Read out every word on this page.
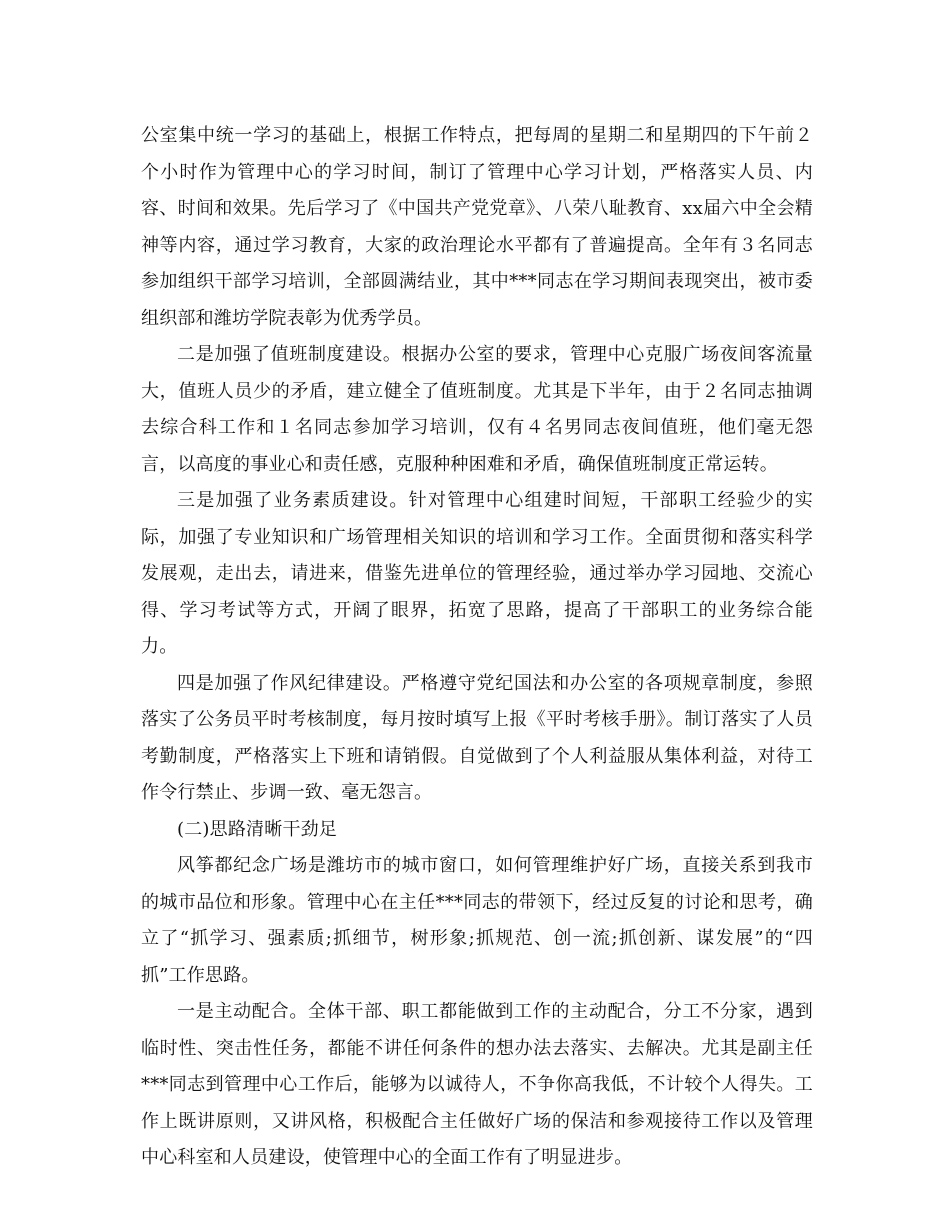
公室集中统一学习的基础上，根据工作特点，把每周的星期二和星期四的下午前２个小时作为管理中心的学习时间，制订了管理中心学习计划，严格落实人员、内容、时间和效果。先后学习了《中国共产党党章》、八荣八耻教育、xx届六中全会精神等内容，通过学习教育，大家的政治理论水平都有了普遍提高。全年有３名同志参加组织干部学习培训，全部圆满结业，其中***同志在学习期间表现突出，被市委组织部和潍坊学院表彰为优秀学员。

二是加强了值班制度建设。根据办公室的要求，管理中心克服广场夜间客流量大，值班人员少的矛盾，建立健全了值班制度。尤其是下半年，由于２名同志抽调去综合科工作和１名同志参加学习培训，仅有４名男同志夜间值班，他们毫无怨言，以高度的事业心和责任感，克服种种困难和矛盾，确保值班制度正常运转。

三是加强了业务素质建设。针对管理中心组建时间短，干部职工经验少的实际，加强了专业知识和广场管理相关知识的培训和学习工作。全面贯彻和落实科学发展观，走出去，请进来，借鉴先进单位的管理经验，通过举办学习园地、交流心得、学习考试等方式，开阔了眼界，拓宽了思路，提高了干部职工的业务综合能力。

四是加强了作风纪律建设。严格遵守党纪国法和办公室的各项规章制度，参照落实了公务员平时考核制度，每月按时填写上报《平时考核手册》。制订落实了人员考勤制度，严格落实上下班和请销假。自觉做到了个人利益服从集体利益，对待工作令行禁止、步调一致、毫无怨言。

(二)思路清晰干劲足

风筝都纪念广场是潍坊市的城市窗口，如何管理维护好广场，直接关系到我市的城市品位和形象。管理中心在主任***同志的带领下，经过反复的讨论和思考，确立了“抓学习、强素质;抓细节，树形象;抓规范、创一流;抓创新、谋发展”的“四抓”工作思路。

一是主动配合。全体干部、职工都能做到工作的主动配合，分工不分家，遇到临时性、突击性任务，都能不讲任何条件的想办法去落实、去解决。尤其是副主任***同志到管理中心工作后，能够为以诚待人，不争你高我低，不计较个人得失。工作上既讲原则，又讲风格，积极配合主任做好广场的保洁和参观接待工作以及管理中心科室和人员建设，使管理中心的全面工作有了明显进步。
